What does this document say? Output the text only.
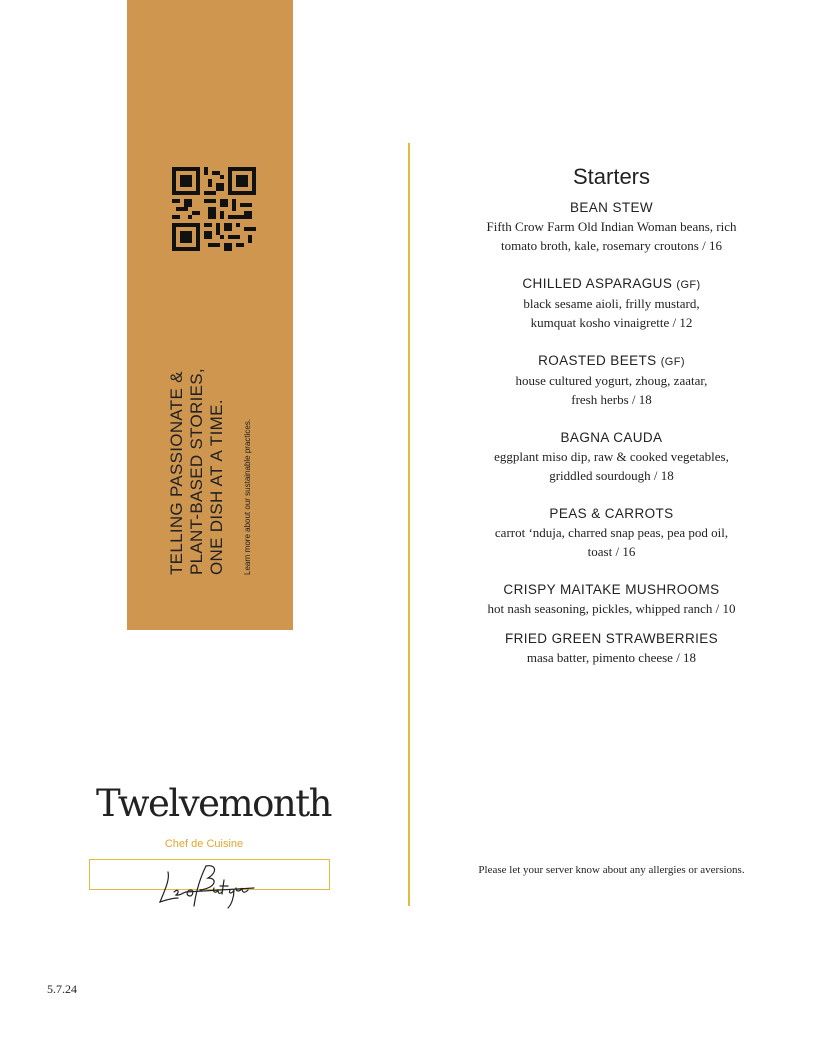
TELLING PASSIONATE & PLANT-BASED STORIES, ONE DISH AT A TIME. Learn more about our sustainable practices.
Starters
BEAN STEW
Fifth Crow Farm Old Indian Woman beans, rich
tomato broth, kale, rosemary croutons / 16
CHILLED ASPARAGUS (GF)
black sesame aioli, frilly mustard,
kumquat kosho vinaigrette / 12
ROASTED BEETS (GF)
house cultured yogurt, zhoug, zaatar,
fresh herbs / 18
BAGNA CAUDA
eggplant miso dip, raw & cooked vegetables,
griddled sourdough / 18
PEAS & CARROTS
carrot ‘nduja, charred snap peas, pea pod oil,
toast / 16
CRISPY MAITAKE MUSHROOMS
hot nash seasoning, pickles, whipped ranch / 10
FRIED GREEN STRAWBERRIES
masa batter, pimento cheese / 18
Please let your server know about any allergies or aversions.
Twelvemonth
Chef de Cuisine
5.7.24
